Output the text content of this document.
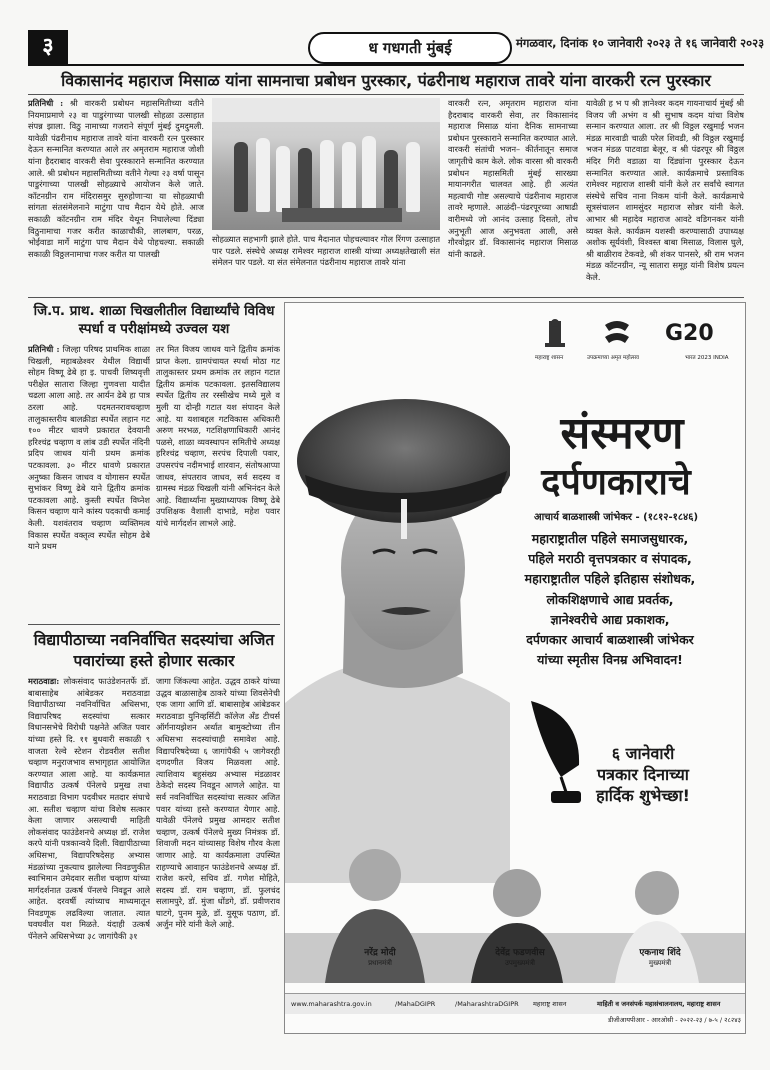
३	ध गधगती मुंबई	मंगळवार, दिनांक १० जानेवारी २०२३ ते १६ जानेवारी २०२३
विकासानंद महाराज मिसाळ यांना सामनाचा प्रबोधन पुरस्कार, पंढरीनाथ महाराज तावरे यांना वारकरी रत्न पुरस्कार
प्रतिनिधी : श्री वारकरी प्रबोधन महासमितीच्या वतीने नियमाप्रमाणे २३ वा पाडुरंगाच्या पालखी सोहळा उत्साहात संपन्न झाला. विठु नामाच्या गजराने संपूर्ण मुंबई दुमदुमली. यावेळी पंढरीनाथ महाराज तावरे यांना वारकरी रत्न पुरस्कार देऊन सन्मानित करण्यात आले तर अमृतराम महाराज जोशी यांना हैदराबाद वारकरी सेवा पुरस्काराने सन्मानित करण्यात आले. श्री प्रबोधन महासमितीच्या वतीने गेल्या २३ वर्षा पासून पाडुरंगाच्या पालखी सोहळ्याचे आयोजन केले जाते. कॉटनग्रीन राम मंदिरासमुर सुरुहोणाऱ्या या सोहळ्याची सांगता संतसंमेलनाने माटुंगा पाच मैदान येथे होते. आज सकाळी कॉटनग्रीन राम मंदिर येथून निघालेल्या दिंड्या विठुनामाचा गजर करीत काळाचौकी, लालबाग, परळ, भोईवाडा मार्गे माटुंगा पाच मैदान येथे पोहचल्या. सकाळी सकाळी विठ्ठलनामाचा गजर करीत या पालखी
सोहळ्यात सहभागी झाले होते. पाच मैदानात पोहचल्यावर गोल रिंगण उत्साहात पार पडले. संस्थेचे अध्यक्ष रामेश्वर महाराज शास्त्री यांच्या अध्यक्षतेखाली संत संमेलन पार पडले. या संत संमेलनात पंढरीनाथ महाराज तावरे यांना
वारकरी रत्न, अमृतराम महाराज यांना हैदराबाद वारकरी सेवा, तर विकासानंद महाराज मिसाळ यांना दैनिक सामनाच्या प्रबोधन पुरस्काराने सन्मानित करण्यात आले. वारकरी संतांची भजन– कीर्तनातून समाज जागृतीचे काम केले. लोक वारसा श्री वारकरी प्रबोधन महासमिती मुंबई सारख्या मायानगरीत चालवत आहे. ही अत्यंत महत्वाची गोष्ट असल्याचे पंढरीनाथ महाराज तावरे म्हणाले. आळंदी–पंढरपूरच्या आषाढी वारीमध्ये जो आनंद उत्साह दिसतो, तोच अनुभूती आज अनुभवता आली, असे गौरवोद्गार डॉ. विकासानंद महाराज मिसाळ यांनी काढले.
यावेळी ह भ प श्री ज्ञानेश्वर कदम गायनाचार्य मुंबई श्री विजय जी अभंग व श्री सुभाष कदम यांचा विशेष सन्मान करण्यात आला. तर श्री विठ्ठल रखुमाई भजन मंडळ मारवाडी चाळी परेल शिवडी, श्री विठ्ठल रखुमाई भजन मंडळ पाटवाडा बेलूर, व श्री पंढरपूर श्री विठ्ठल मंदिर गिरी वडाळा या दिंड्यांना पुरस्कार देऊन सन्मानित करण्यात आले. कार्यक्रमाचे प्रस्ताविक रामेश्वर महाराज शास्त्री यांनी केले तर सर्वांचे स्वागत संस्थेचे सचिव नाना निकम यांनी केले. कार्यक्रमाचे सूत्रसंचालन शामसुंदर महाराज सोन्नर यांनी केले. आभार श्री महादेव महाराज आवटे वडिगनकर यांनी व्यक्त केले. कार्यक्रम यशस्वी करण्यासाठी उपाध्यक्ष अशोक सूर्यवंशी, विश्वस्त बाबा मिसाळ, विलास घुले, श्री बाळीराव टेकवडे, श्री शंकर पानसरे, श्री राम भजन मंडळ कॉटनग्रीन, न्यू सातारा समूह यांनी विशेष प्रयत्न केले.
जि.प. प्राथ. शाळा चिखलीतील विद्यार्थ्यांचे विविध स्पर्धा व परीक्षांमध्ये उज्वल यश
प्रतिनिधी : जिल्हा परिषद प्राथमिक शाळा चिखली, महाबळेश्वर येथील विद्यार्थी सोहम विष्णू ढेबे हा इ. पाचवी शिष्यवृत्ती परीक्षेत सातारा जिल्हा गुणवत्ता यादीत चढला आला आहे. तर आर्यन ढेबे हा पात्र ठरला आहे. पदमतनरावचव्हाण तालुकास्तरीय बालक्रीडा स्पर्धेत लहान गट १०० मीटर धावणे प्रकारात देवयानी हरिश्चंद्र चव्हाण व लांब उडी स्पर्धेत नंदिनी प्रदिप जाधव यांनी प्रथम क्रमांक पटकावला. ३० मीटर धावणे प्रकारात अनुष्का किसन जाधव व योगासन स्पर्धेत सुभांकर विष्णू ढेबे याने द्वितीय क्रमांक पटकावला आहे. कुस्ती स्पर्धेत विघ्नेश किसन चव्हाण याने कांस्य पदकाची कमाई केली. यशवंतराव चव्हाण व्यक्तिमत्व विकास स्पर्धेत वक्तृत्व स्पर्धेत सोहम ढेबे याने प्रथम
तर मित विजय जाधव याने द्वितीय क्रमांक प्राप्त केला. ग्रामपंचायत स्पर्धा मोठा गट तालुकास्तर प्रथम क्रमांक तर लहान गटात द्वितीय क्रमांक पटकावला. इतसविद्यालय स्पर्धेत द्वितीय तर रस्सीखेच मध्ये मुले व मुली या दोन्ही गटात यश संपादन केले आहे. या यशाबद्दल गटविकास अधिकारी अरुण मरभळ, गटशिक्षणाधिकारी आनंद पळसे, शाळा व्यवस्थापन समितीचे अध्यक्ष हरिश्चंद्र चव्हाण, सरपंच दिपाली पवार, उपसरपंच नदीमभाई शारवान, संतोषआप्पा जाधव, संपतराव जाधव, सर्व सदस्य व ग्रामस्थ मंडळ चिखली यांनी अभिनंदन केले आहे. विद्यार्थ्यांना मुख्याध्यापक विष्णू ढेबे उपशिक्षक वैशाली दाभाडे, महेश पवार यांचे मार्गदर्शन लाभले आहे.
विद्यापीठाच्या नवनिर्वाचित सदस्यांचा अजित पवारांच्या हस्ते होणार सत्कार
मराठवाडा: लोकसंवाद फाउंडेशनतर्फे डॉ. बाबासाहेब आंबेडकर मराठवाडा विद्यापीठाच्या नवनिर्वाचित अधिसभा, विद्यापरिषद सदस्यांचा सत्कार विधानसभेचे विरोधी पक्षनेते अजित पवार यांच्या हस्ते दि. ११ बुधवारी सकाळी ९ वाजता रेल्वे स्टेशन रोडवरील सतीश चव्हाण मनुराजभाव सभागृहात आयोजित करण्यात आला आहे. या कार्यक्रमात विद्यापीठ उत्कर्ष पॅनेलचे प्रमुख तथा मराठवाडा विभाग पदवीधर मतदार संघाचे आ. सतीश चव्हाण यांचा विशेष सत्कार केला जाणार असल्याची माहिती लोकसंवाद फाउंडेशनचे अध्यक्ष डॉ. राजेश करपे यांनी पत्रकान्वये दिली. विद्यापीठाच्या अधिसभा, विद्यापरिषदेसह अभ्यास मंडळांच्या नुकत्याच झालेल्या निवडणुकीत स्वाभिमान उमेदवार सतीश चव्हाण यांच्या मार्गदर्शनात उत्कर्ष पॅनलचे निवडून आले आहेत. दरवर्षी त्यांच्याच माध्यमातून निवडणूक लढविल्या जातात. त्यात घवघवीत यश मिळते. यंदाही उत्कर्ष पॅनेलने अधिसभेच्या ३८ जागांपैकी ३१
जागा जिंकल्या आहेत. उद्धव ठाकरे यांच्या उद्धव बाळासाहेब ठाकरे यांच्या शिवसेनेची एक जागा आणि डॉ. बाबासाहेब आंबेडकर मराठवाडा युनिव्हर्सिटी कॉलेज अँड टीचर्स ऑर्गनायझेशन अर्थात बामुक्टोच्या तीन अधिसभा सदस्यांचाही समावेश आहे. विद्यापरिषदेच्या ६ जागांपैकी ५ जागेवरही दणदणीत विजय मिळवला आहे. त्याशिवाय बहुसंख्य अभ्यास मंडळावर ठेकेदो सदस्य निवडून आणले आहेत. या सर्व नवनिर्वाचित सदस्यांचा सत्कार अजित पवार यांच्या हस्ते करण्यात येणार आहे. यावेळी पॅनेलचे प्रमुख आमदार सतीश चव्हाण, उत्कर्ष पॅनेलचे मुख्य निमंत्रक डॉ. शिवाजी मदन यांच्यासह विशेष गौरव केला जाणार आहे. या कार्यक्रमाला उपस्थित राहण्याचे आवाहन फाउंडेशनचे अध्यक्ष डॉ. राजेश करपे, सचिव डॉ. गणेश मोहिते, सदस्य डॉ. राम चव्हाण, डॉ. फुलचंद सलामपुरे, डॉ. मुंजा धोंडगे, डॉ. प्रवीणराव घाटगे, पुनम मुळे, डॉ. युसूफ पठाण, डॉ. अर्जुन मोरे यांनी केले आहे.
महाराष्ट्र शासन	उपक्रमाच्या अमृत महोत्सव
G20
भारत 2023 INDIA
संस्मरण
दर्पणकाराचे
आचार्य बाळशास्त्री जांभेकर - (१८१२-१८४६)
महाराष्ट्रातील पहिले समाजसुधारक,
पहिले मराठी वृत्तपत्रकार व संपादक,
महाराष्ट्रातील पहिले इतिहास संशोधक,
लोकशिक्षणाचे आद्य प्रवर्तक,
ज्ञानेश्वरीचे आद्य प्रकाशक,
दर्पणकार आचार्य बाळशास्त्री जांभेकर
यांच्या स्मृतीस विनम्र अभिवादन!
६ जानेवारी
पत्रकार दिनाच्या
हार्दिक शुभेच्छा!
नरेंद्र मोदी
प्रधानमंत्री
देवेंद्र फडणवीस
उपमुख्यमंत्री
एकनाथ शिंदे
मुख्यमंत्री
www.maharashtra.gov.in	/MahaDGIPR	/MaharashtraDGIPR महाराष्ट्र शासन	माहिती व जनसंपर्क महासंचालनालय, महाराष्ट्र शासन
डीजीआयपीआर - आरओसी - २०२२-२३ / ७-५ / २८२४३
